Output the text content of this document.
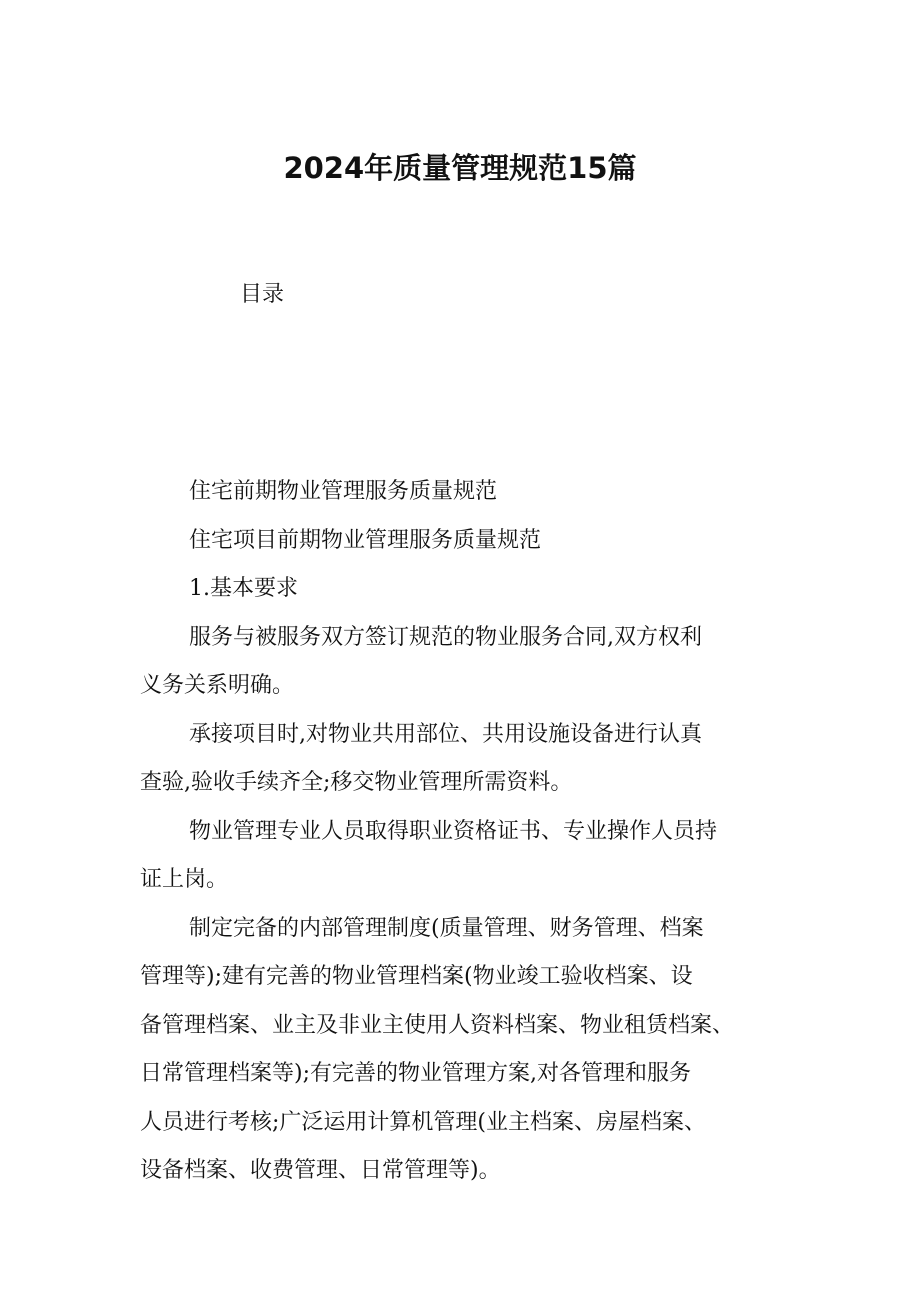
2024年质量管理规范15篇

目录

住宅前期物业管理服务质量规范

住宅项目前期物业管理服务质量规范

1.基本要求

服务与被服务双方签订规范的物业服务合同,双方权利
义务关系明确。

承接项目时,对物业共用部位、共用设施设备进行认真
查验,验收手续齐全;移交物业管理所需资料。

物业管理专业人员取得职业资格证书、专业操作人员持
证上岗。

制定完备的内部管理制度(质量管理、财务管理、档案
管理等);建有完善的物业管理档案(物业竣工验收档案、设
备管理档案、业主及非业主使用人资料档案、物业租赁档案、
日常管理档案等);有完善的物业管理方案,对各管理和服务
人员进行考核;广泛运用计算机管理(业主档案、房屋档案、
设备档案、收费管理、日常管理等)。
